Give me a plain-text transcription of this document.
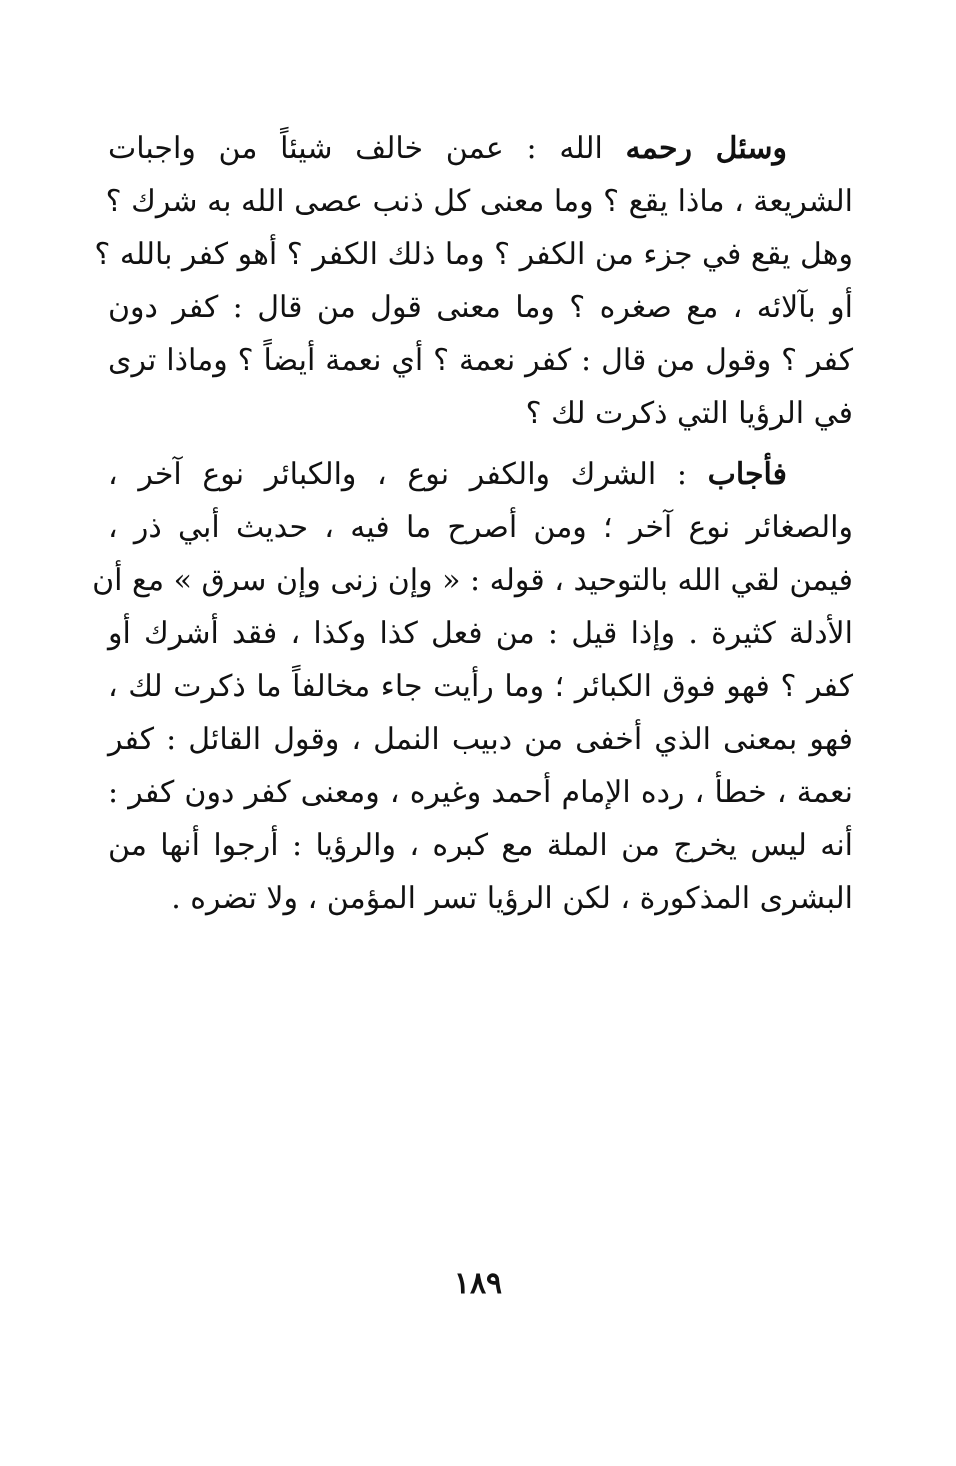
وسئل رحمه الله : عمن خالف شيئاً من واجبات
الشريعة ، ماذا يقع ؟ وما معنى كل ذنب عصى الله به شرك ؟
وهل يقع في جزء من الكفر ؟ وما ذلك الكفر ؟ أهو كفر بالله ؟
أو بآلائه ، مع صغره ؟ وما معنى قول من قال : كفر دون
كفر ؟ وقول من قال : كفر نعمة ؟ أي نعمة أيضاً ؟ وماذا ترى
في الرؤيا التي ذكرت لك ؟
فأجاب : الشرك والكفر نوع ، والكبائر نوع آخر ،
والصغائر نوع آخر ؛ ومن أصرح ما فيه ، حديث أبي ذر ،
فيمن لقي الله بالتوحيد ، قوله : « وإن زنى وإن سرق » مع أن
الأدلة كثيرة . وإذا قيل : من فعل كذا وكذا ، فقد أشرك أو
كفر ؟ فهو فوق الكبائر ؛ وما رأيت جاء مخالفاً ما ذكرت لك ،
فهو بمعنى الذي أخفى من دبيب النمل ، وقول القائل : كفر
نعمة ، خطأ ، رده الإمام أحمد وغيره ، ومعنى كفر دون كفر :
أنه ليس يخرج من الملة مع كبره ، والرؤيا : أرجوا أنها من
البشرى المذكورة ، لكن الرؤيا تسر المؤمن ، ولا تضره .
١٨٩
